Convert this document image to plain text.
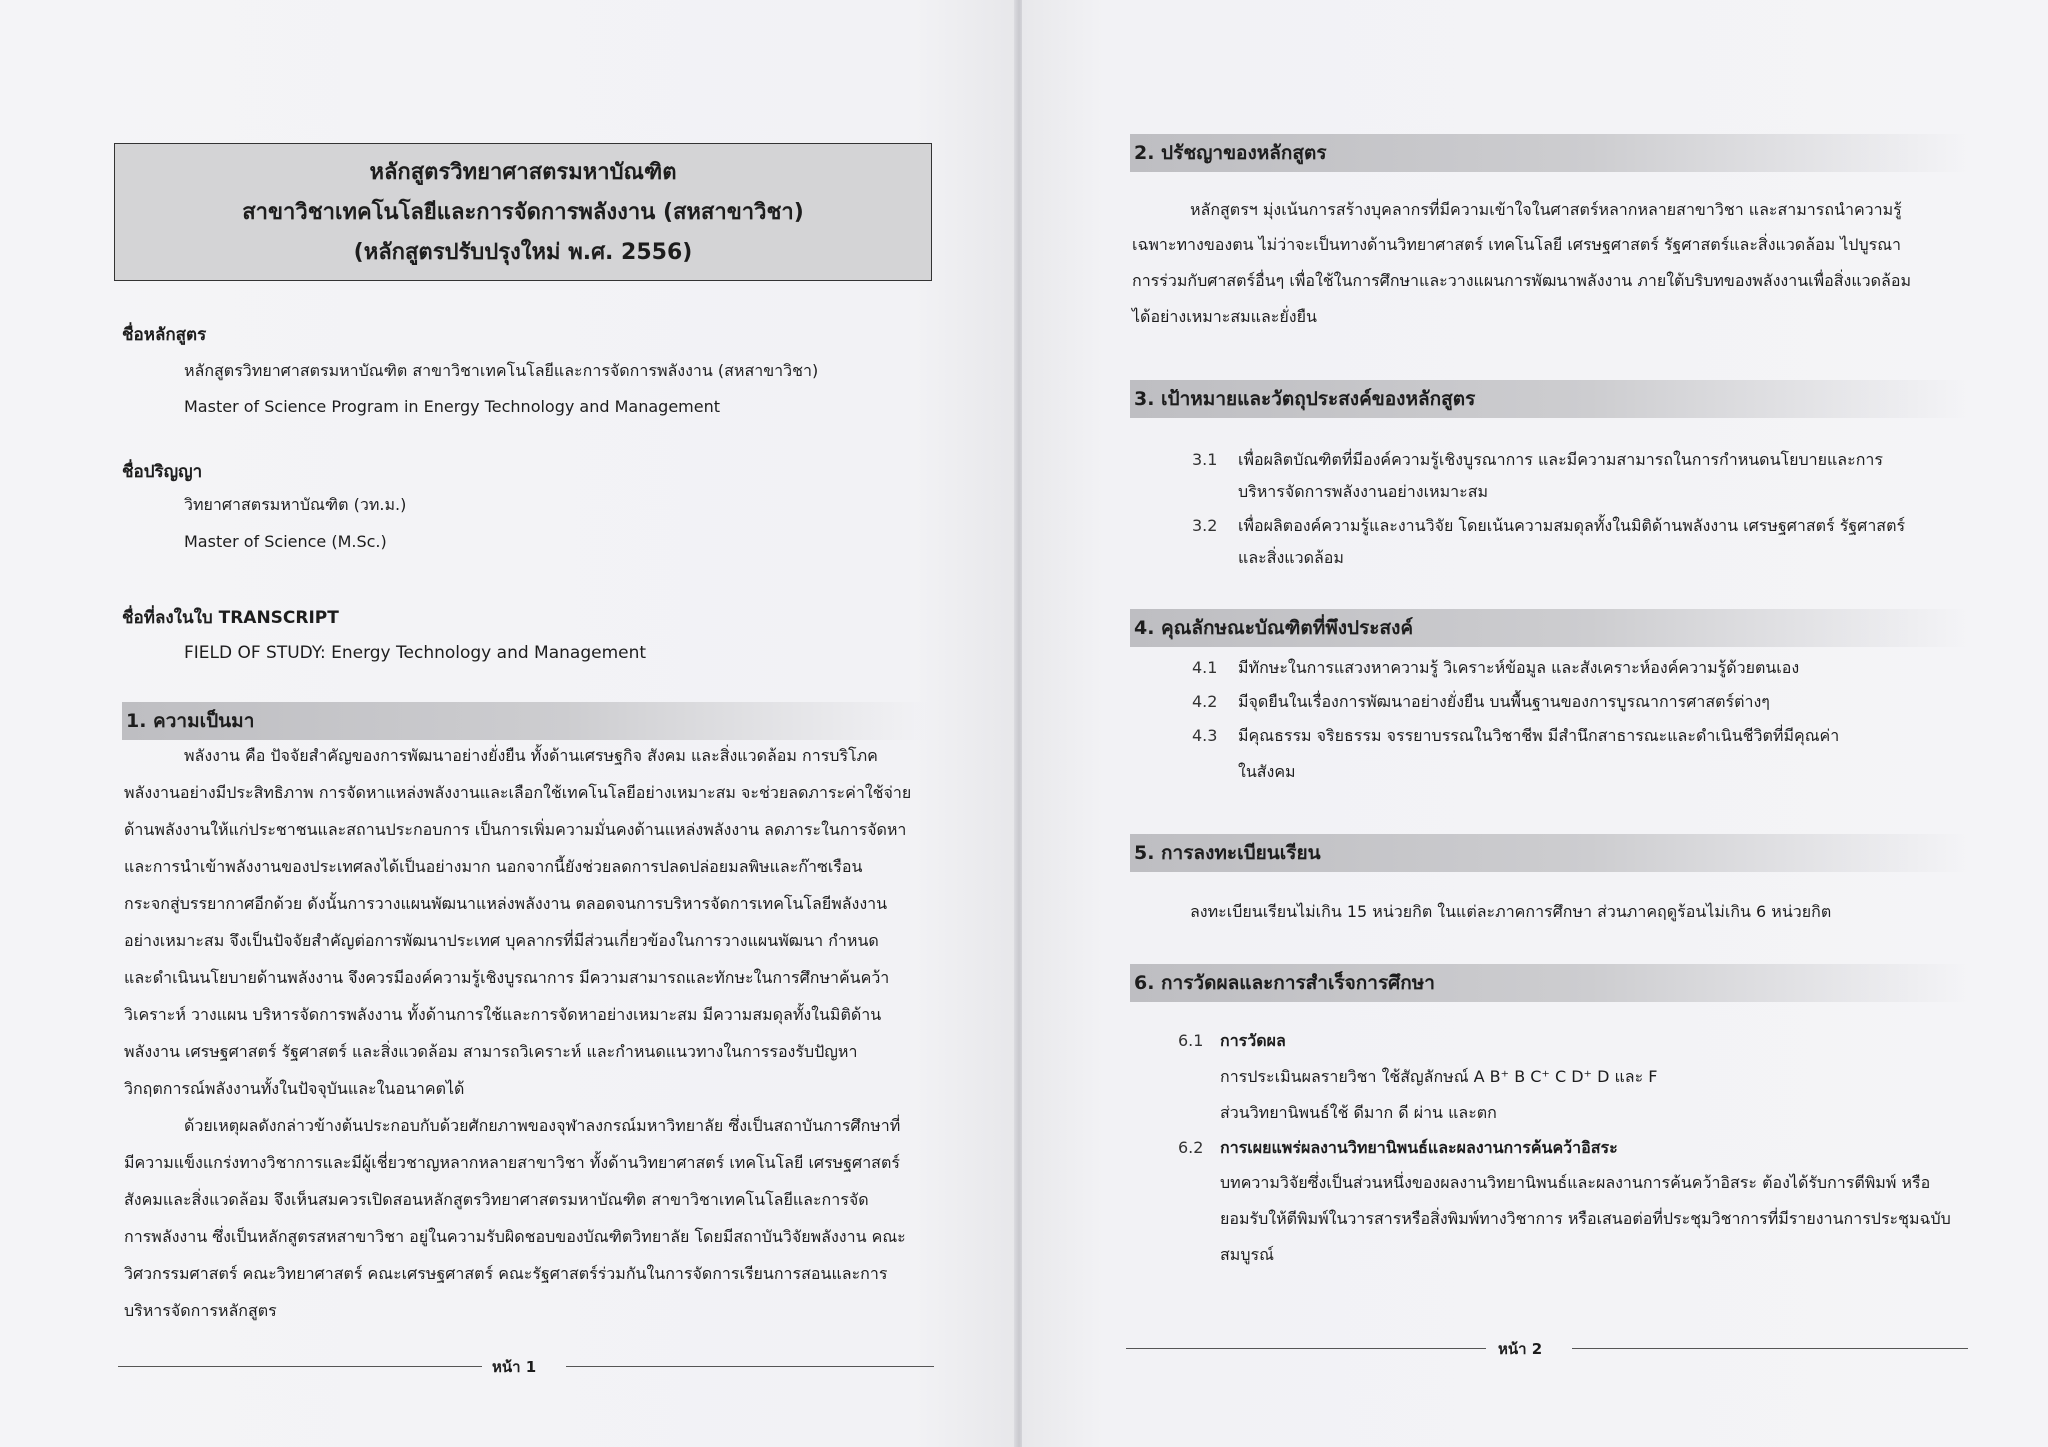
หลักสูตรวิทยาศาสตรมหาบัณฑิต
สาขาวิชาเทคโนโลยีและการจัดการพลังงาน (สหสาขาวิชา)
(หลักสูตรปรับปรุงใหม่ พ.ศ. 2556)
ชื่อหลักสูตร
หลักสูตรวิทยาศาสตรมหาบัณฑิต สาขาวิชาเทคโนโลยีและการจัดการพลังงาน (สหสาขาวิชา)
Master of Science Program in Energy Technology and Management
ชื่อปริญญา
วิทยาศาสตรมหาบัณฑิต (วท.ม.)
Master of Science (M.Sc.)
ชื่อที่ลงในใบ TRANSCRIPT
FIELD OF STUDY: Energy Technology and Management
1. ความเป็นมา
พลังงาน คือ ปัจจัยสำคัญของการพัฒนาอย่างยั่งยืน ทั้งด้านเศรษฐกิจ สังคม และสิ่งแวดล้อม การบริโภค
พลังงานอย่างมีประสิทธิภาพ การจัดหาแหล่งพลังงานและเลือกใช้เทคโนโลยีอย่างเหมาะสม จะช่วยลดภาระค่าใช้จ่าย
ด้านพลังงานให้แก่ประชาชนและสถานประกอบการ เป็นการเพิ่มความมั่นคงด้านแหล่งพลังงาน ลดภาระในการจัดหา
และการนำเข้าพลังงานของประเทศลงได้เป็นอย่างมาก นอกจากนี้ยังช่วยลดการปลดปล่อยมลพิษและก๊าซเรือน
กระจกสู่บรรยากาศอีกด้วย ดังนั้นการวางแผนพัฒนาแหล่งพลังงาน ตลอดจนการบริหารจัดการเทคโนโลยีพลังงาน
อย่างเหมาะสม จึงเป็นปัจจัยสำคัญต่อการพัฒนาประเทศ บุคลากรที่มีส่วนเกี่ยวข้องในการวางแผนพัฒนา กำหนด
และดำเนินนโยบายด้านพลังงาน จึงควรมีองค์ความรู้เชิงบูรณาการ มีความสามารถและทักษะในการศึกษาค้นคว้า
วิเคราะห์ วางแผน บริหารจัดการพลังงาน ทั้งด้านการใช้และการจัดหาอย่างเหมาะสม มีความสมดุลทั้งในมิติด้าน
พลังงาน เศรษฐศาสตร์ รัฐศาสตร์ และสิ่งแวดล้อม สามารถวิเคราะห์ และกำหนดแนวทางในการรองรับปัญหา
วิกฤตการณ์พลังงานทั้งในปัจจุบันและในอนาคตได้
ด้วยเหตุผลดังกล่าวข้างต้นประกอบกับด้วยศักยภาพของจุฬาลงกรณ์มหาวิทยาลัย ซึ่งเป็นสถาบันการศึกษาที่
มีความแข็งแกร่งทางวิชาการและมีผู้เชี่ยวชาญหลากหลายสาขาวิชา ทั้งด้านวิทยาศาสตร์ เทคโนโลยี เศรษฐศาสตร์
สังคมและสิ่งแวดล้อม จึงเห็นสมควรเปิดสอนหลักสูตรวิทยาศาสตรมหาบัณฑิต สาขาวิชาเทคโนโลยีและการจัด
การพลังงาน ซึ่งเป็นหลักสูตรสหสาขาวิชา อยู่ในความรับผิดชอบของบัณฑิตวิทยาลัย โดยมีสถาบันวิจัยพลังงาน คณะ
วิศวกรรมศาสตร์ คณะวิทยาศาสตร์ คณะเศรษฐศาสตร์ คณะรัฐศาสตร์ร่วมกันในการจัดการเรียนการสอนและการ
บริหารจัดการหลักสูตร
หน้า 1
2. ปรัชญาของหลักสูตร
หลักสูตรฯ มุ่งเน้นการสร้างบุคลากรที่มีความเข้าใจในศาสตร์หลากหลายสาขาวิชา และสามารถนำความรู้
เฉพาะทางของตน ไม่ว่าจะเป็นทางด้านวิทยาศาสตร์ เทคโนโลยี เศรษฐศาสตร์ รัฐศาสตร์และสิ่งแวดล้อม ไปบูรณา
การร่วมกับศาสตร์อื่นๆ เพื่อใช้ในการศึกษาและวางแผนการพัฒนาพลังงาน ภายใต้บริบทของพลังงานเพื่อสิ่งแวดล้อม
ได้อย่างเหมาะสมและยั่งยืน
3. เป้าหมายและวัตถุประสงค์ของหลักสูตร
3.1 เพื่อผลิตบัณฑิตที่มีองค์ความรู้เชิงบูรณาการ และมีความสามารถในการกำหนดนโยบายและการ
บริหารจัดการพลังงานอย่างเหมาะสม
3.2 เพื่อผลิตองค์ความรู้และงานวิจัย โดยเน้นความสมดุลทั้งในมิติด้านพลังงาน เศรษฐศาสตร์ รัฐศาสตร์
และสิ่งแวดล้อม
4. คุณลักษณะบัณฑิตที่พึงประสงค์
4.1 มีทักษะในการแสวงหาความรู้ วิเคราะห์ข้อมูล และสังเคราะห์องค์ความรู้ด้วยตนเอง
4.2 มีจุดยืนในเรื่องการพัฒนาอย่างยั่งยืน บนพื้นฐานของการบูรณาการศาสตร์ต่างๆ
4.3 มีคุณธรรม จริยธรรม จรรยาบรรณในวิชาชีพ มีสำนึกสาธารณะและดำเนินชีวิตที่มีคุณค่า
ในสังคม
5. การลงทะเบียนเรียน
ลงทะเบียนเรียนไม่เกิน 15 หน่วยกิต ในแต่ละภาคการศึกษา ส่วนภาคฤดูร้อนไม่เกิน 6 หน่วยกิต
6. การวัดผลและการสำเร็จการศึกษา
6.1 การวัดผล
การประเมินผลรายวิชา ใช้สัญลักษณ์ A B⁺ B C⁺ C D⁺ D และ F
ส่วนวิทยานิพนธ์ใช้ ดีมาก ดี ผ่าน และตก
6.2 การเผยแพร่ผลงานวิทยานิพนธ์และผลงานการค้นคว้าอิสระ
บทความวิจัยซึ่งเป็นส่วนหนึ่งของผลงานวิทยานิพนธ์และผลงานการค้นคว้าอิสระ ต้องได้รับการตีพิมพ์ หรือ
ยอมรับให้ตีพิมพ์ในวารสารหรือสิ่งพิมพ์ทางวิชาการ หรือเสนอต่อที่ประชุมวิชาการที่มีรายงานการประชุมฉบับ
สมบูรณ์
หน้า 2
